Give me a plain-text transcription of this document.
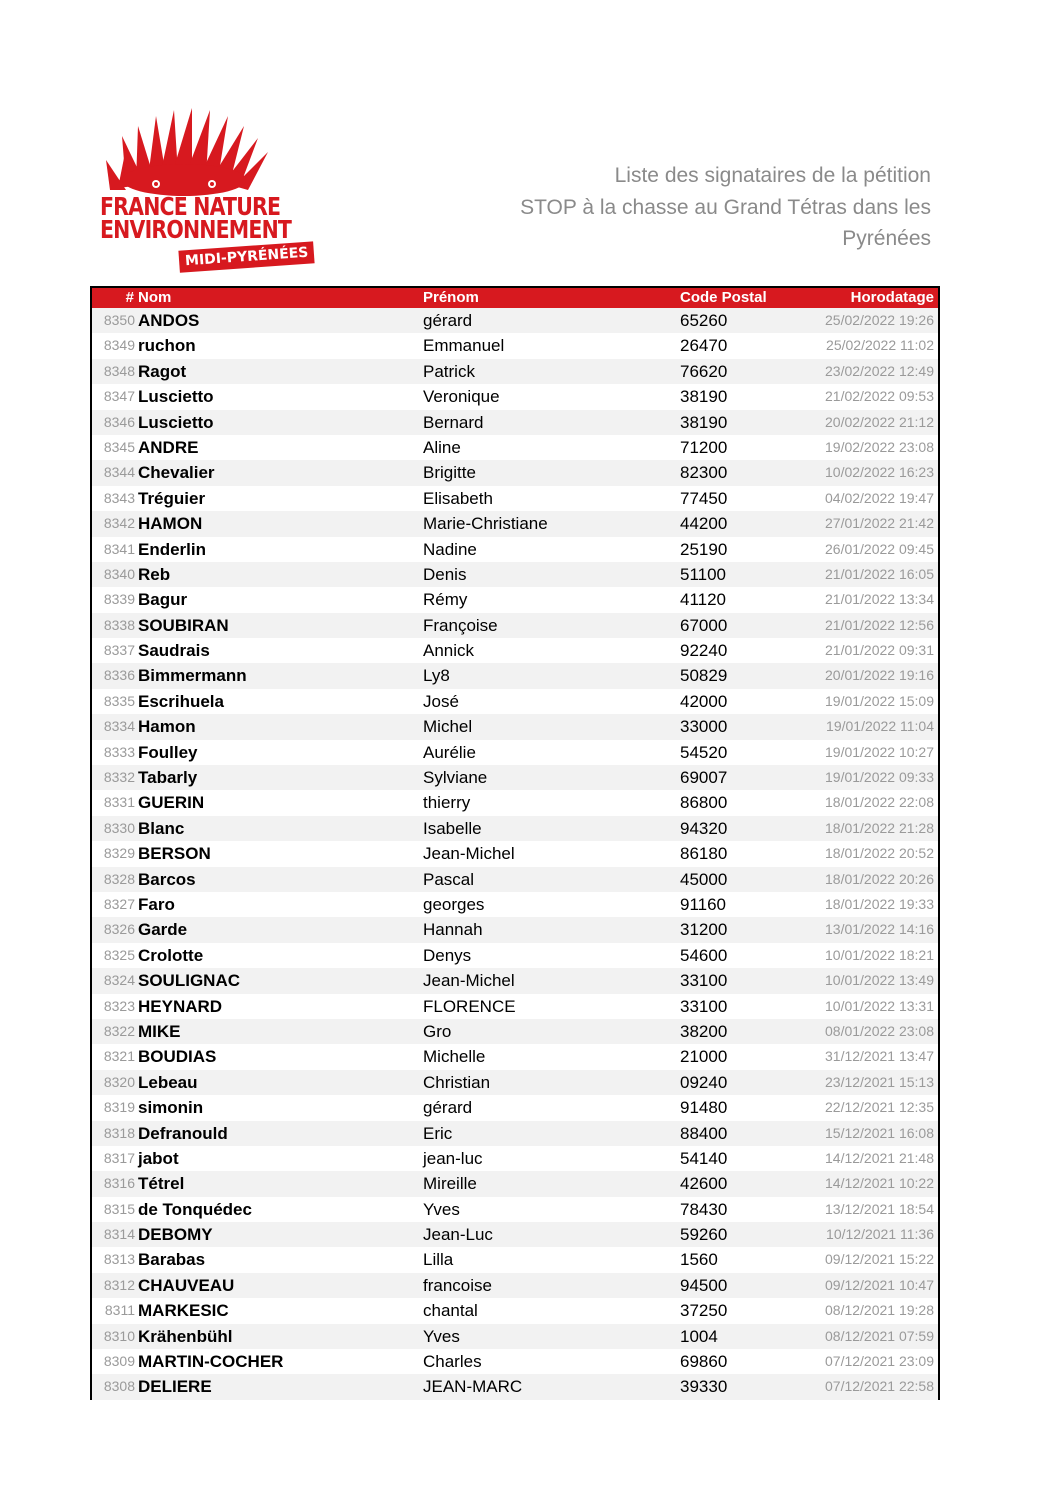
FRANCE NATURE
ENVIRONNEMENT
MIDI-PYRÉNÉES
Liste des signataires de la pétition
STOP à la chasse au Grand Tétras dans les
Pyrénées
# Nom	Prénom	Code Postal	Horodatage
8350 ANDOS	gérard	65260	25/02/2022 19:26
8349 ruchon	Emmanuel	26470	25/02/2022 11:02
8348 Ragot	Patrick	76620	23/02/2022 12:49
8347 Luscietto	Veronique	38190	21/02/2022 09:53
8346 Luscietto	Bernard	38190	20/02/2022 21:12
8345 ANDRE	Aline	71200	19/02/2022 23:08
8344 Chevalier	Brigitte	82300	10/02/2022 16:23
8343 Tréguier	Elisabeth	77450	04/02/2022 19:47
8342 HAMON	Marie-Christiane	44200	27/01/2022 21:42
8341 Enderlin	Nadine	25190	26/01/2022 09:45
8340 Reb	Denis	51100	21/01/2022 16:05
8339 Bagur	Rémy	41120	21/01/2022 13:34
8338 SOUBIRAN	Françoise	67000	21/01/2022 12:56
8337 Saudrais	Annick	92240	21/01/2022 09:31
8336 Bimmermann	Ly8	50829	20/01/2022 19:16
8335 Escrihuela	José	42000	19/01/2022 15:09
8334 Hamon	Michel	33000	19/01/2022 11:04
8333 Foulley	Aurélie	54520	19/01/2022 10:27
8332 Tabarly	Sylviane	69007	19/01/2022 09:33
8331 GUERIN	thierry	86800	18/01/2022 22:08
8330 Blanc	Isabelle	94320	18/01/2022 21:28
8329 BERSON	Jean-Michel	86180	18/01/2022 20:52
8328 Barcos	Pascal	45000	18/01/2022 20:26
8327 Faro	georges	91160	18/01/2022 19:33
8326 Garde	Hannah	31200	13/01/2022 14:16
8325 Crolotte	Denys	54600	10/01/2022 18:21
8324 SOULIGNAC	Jean-Michel	33100	10/01/2022 13:49
8323 HEYNARD	FLORENCE	33100	10/01/2022 13:31
8322 MIKE	Gro	38200	08/01/2022 23:08
8321 BOUDIAS	Michelle	21000	31/12/2021 13:47
8320 Lebeau	Christian	09240	23/12/2021 15:13
8319 simonin	gérard	91480	22/12/2021 12:35
8318 Defranould	Eric	88400	15/12/2021 16:08
8317 jabot	jean-luc	54140	14/12/2021 21:48
8316 Tétrel	Mireille	42600	14/12/2021 10:22
8315 de Tonquédec	Yves	78430	13/12/2021 18:54
8314 DEBOMY	Jean-Luc	59260	10/12/2021 11:36
8313 Barabas	Lilla	1560	09/12/2021 15:22
8312 CHAUVEAU	francoise	94500	09/12/2021 10:47
8311 MARKESIC	chantal	37250	08/12/2021 19:28
8310 Krähenbühl	Yves	1004	08/12/2021 07:59
8309 MARTIN-COCHER	Charles	69860	07/12/2021 23:09
8308 DELIERE	JEAN-MARC	39330	07/12/2021 22:58
